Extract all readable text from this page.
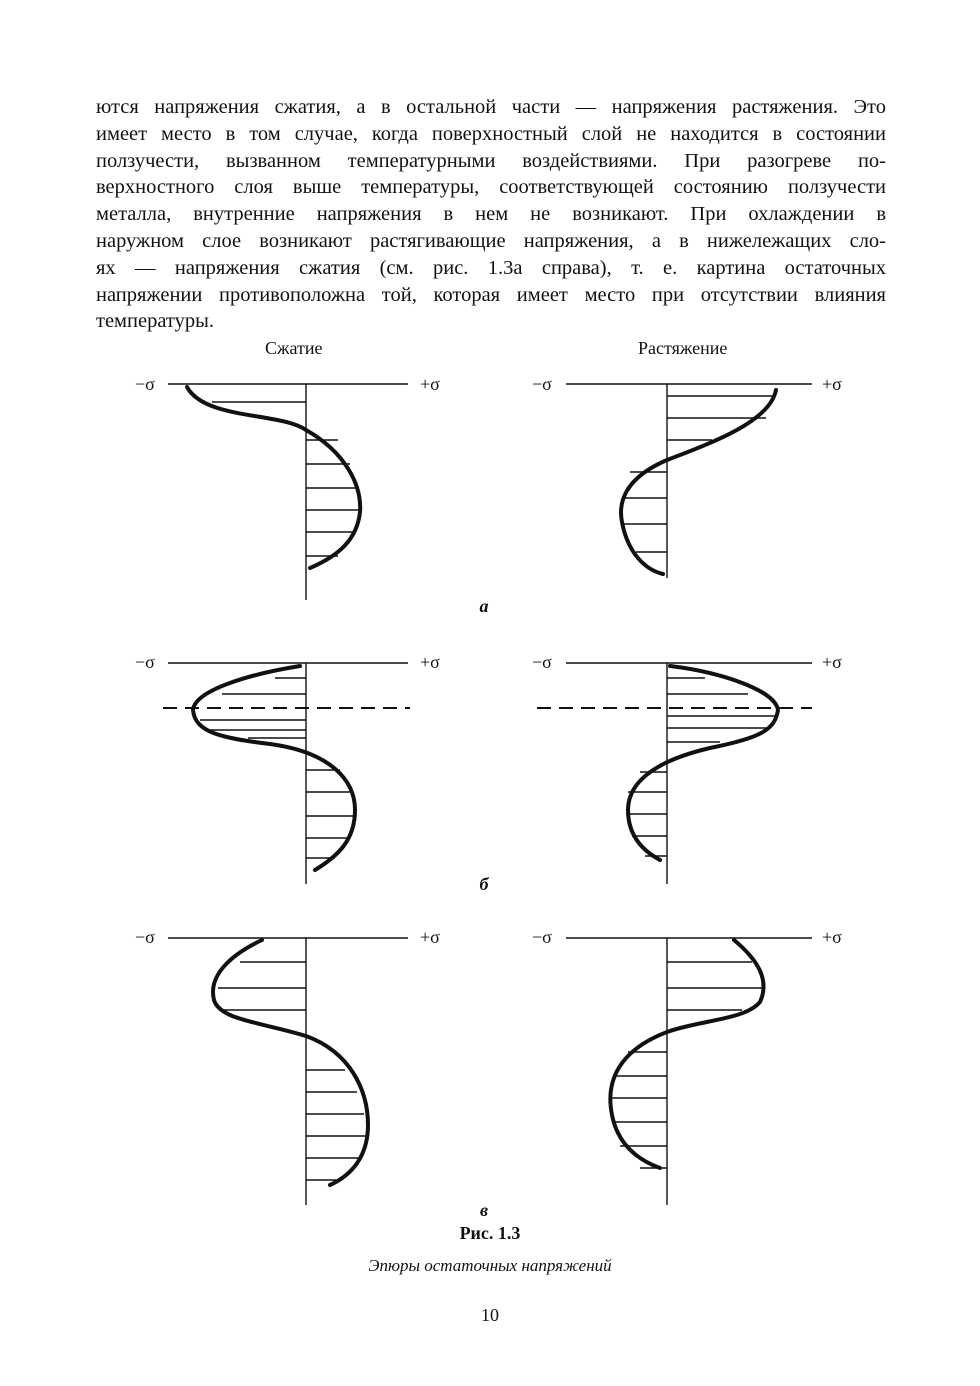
ются напряжения сжатия, а в остальной части — напряжения растяжения. Это
имеет место в том случае, когда поверхностный слой не находится в состоянии
ползучести, вызванном температурными воздействиями. При разогреве по-
верхностного слоя выше температуры, соответствующей состоянию ползучести
металла, внутренние напряжения в нем не возникают. При охлаждении в
наружном слое возникают растягивающие напряжения, а в нижележащих сло-
ях — напряжения сжатия (см. рис. 1.3а справа), т. е. картина остаточных
напряжении противоположна той, которая имеет место при отсутствии влияния
температуры.
Сжатие	Растяжение
−σ	+σ	−σ	+σ
−σ	+σ	−σ	+σ
−σ	+σ	−σ	+σ
а
б
в
Рис. 1.3
Эпюры остаточных напряжений
10
